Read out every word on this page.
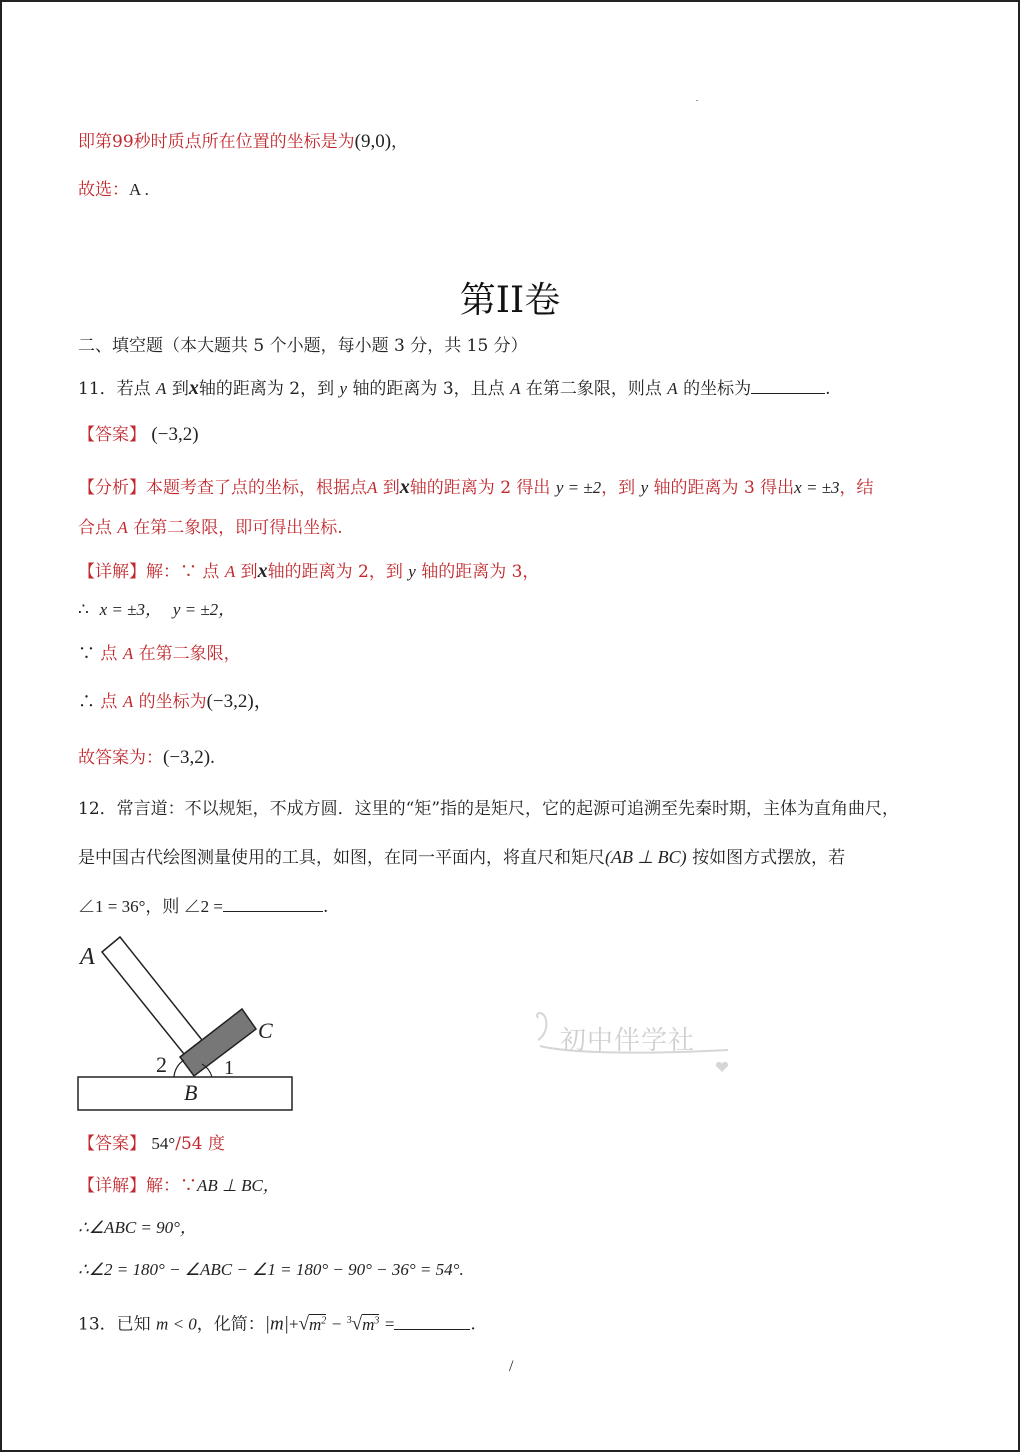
即第99秒时质点所在位置的坐标是为(9,0)，
故选：A .
第II卷
二、填空题（本大题共 5 个小题，每小题 3 分，共 15 分）
11．若点 A 到x轴的距离为 2，到 y 轴的距离为 3，且点 A 在第二象限，则点 A 的坐标为	.
【答案】 (−3,2)
【分析】本题考查了点的坐标，根据点A 到x轴的距离为 2 得出 y = ±2，到 y 轴的距离为 3 得出x = ±3，结
合点 A 在第二象限，即可得出坐标.
【详解】解：∵ 点 A 到x轴的距离为 2，到 y 轴的距离为 3，
∴ x = ±3， y = ±2，
∵ 点 A 在第二象限，
∴ 点 A 的坐标为(−3,2)，
故答案为：(−3,2).
12．常言道：不以规矩，不成方圆．这里的“矩”指的是矩尺，它的起源可追溯至先秦时期，主体为直角曲尺，
是中国古代绘图测量使用的工具，如图，在同一平面内，将直尺和矩尺(AB ⊥ BC) 按如图方式摆放，若
∠1 = 36°，则 ∠2 =	.
A
B
C
1
2
初中伴学社
【答案】 54°/54 度
【详解】解：∵AB ⊥ BC，
∴∠ABC = 90°，
∴∠2 = 180° − ∠ABC − ∠1 = 180° − 90° − 36° = 54°.
13．已知 m < 0，化简：$|m|+√m^2 - ^3√m^3$ =	.
/
